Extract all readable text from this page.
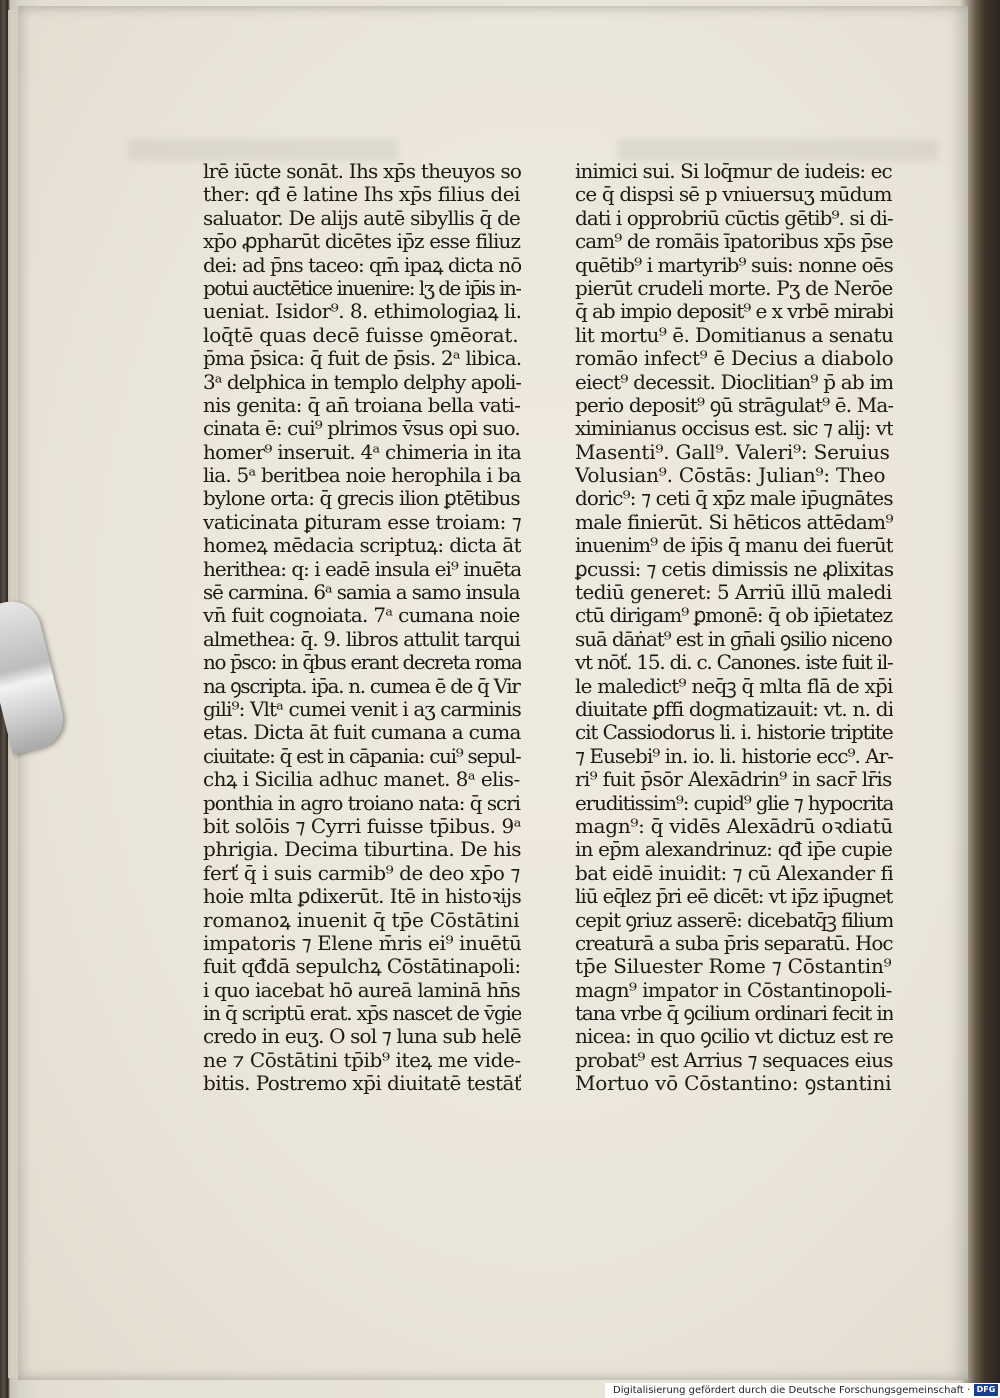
lrē iūcte sonāt. Ihs xp̄s theuyos so
ther: qđ ē latine Ihs xp̄s filius dei
saluator. De alijs autē sibyllis q̄ de
xp̄o ꝓpharūt dicētes ip̄z esse filiuz
dei: ad p̄ns taceo: qm̄ ipaꝝ dicta nō
potui auctētice inuenire: lʒ de ip̄is in-
ueniat. Isidor⁹. 8. ethimologiaꝝ li.
loq̄tē quas decē fuisse ꝯmēorat.
p̄ma p̄sica: q̄ fuit de p̄sis. 2ᵃ libica.
3ᵃ delphica in templo delphy apoli-
nis genita: q̄ an̄ troiana bella vati-
cinata ē: cui⁹ plrimos v̄sus opi suo.
homer⁹ inseruit. 4ᵃ chimeria in ita
lia. 5ᵃ beritbea noie herophila i ba
bylone orta: q̄ grecis ilion ꝑtētibus
vaticinata ꝑituram esse troiam: ⁊
homeꝝ mēdacia scriptuꝝ: dicta āt
herithea: q: i eadē insula ei⁹ inuēta
sē carmina. 6ᵃ samia a samo insula
vn̄ fuit cognoiata. 7ᵃ cumana noie
almethea: q̄. 9. libros attulit tarqui
no p̄sco: in q̄bus erant decreta roma
na ꝯscripta. ip̄a. n. cumea ē de q̄ Vir
gili⁹: Vltᵃ cumei venit i aʒ carminis
etas. Dicta āt fuit cumana a cuma
ciuitate: q̄ est in cāpania: cui⁹ sepul-
chꝝ i Sicilia adhuc manet. 8ᵃ elis-
ponthia in agro troiano nata: q̄ scri
bit solōis ⁊ Cyrri fuisse tp̄ibus. 9ᵃ
phrigia. Decima tiburtina. De his
ferť q̄ i suis carmib⁹ de deo xp̄o ⁊
hoie mlta ꝑdixerūt. Itē in histoꝛijs
romanoꝝ inuenit q̄ tp̄e Cōstātini
impatoris ⁊ Elene m̄ris ei⁹ inuētū
fuit qđdā sepulchꝝ Cōstātinapoli:
i quo iacebat hō aureā laminā hn̄s
in q̄ scriptū erat. xp̄s nascet de v̄gie
credo in euʒ. O sol ⁊ luna sub helē
ne ⁊ Cōstātini tp̄ib⁹ iteꝝ me vide-
bitis. Postremo xp̄i diuitatē testāť
inimici sui. Si loq̄mur de iudeis: ec
ce q̄ dispsi sē p vniuersuʒ mūdum
dati i opprobriū cūctis gētib⁹. si di-
cam⁹ de romāis īpatoribus xp̄s p̄se
quētib⁹ i martyrib⁹ suis: nonne oēs
pierūt crudeli morte. Pʒ de Nerōe
q̄ ab impio deposit⁹ e x vrbē mirabi
lit mortu⁹ ē. Domitianus a senatu
romāo infect⁹ ē Decius a diabolo
eiect⁹ decessit. Dioclitian⁹ p̄ ab im
perio deposit⁹ ꝯū strāgulat⁹ ē. Ma-
ximinianus occisus est. sic ⁊ alij: vt
Masenti⁹. Gall⁹. Valeri⁹: Seruius
Volusian⁹. Cōstās: Julian⁹: Theo
doric⁹: ⁊ ceti q̄ xp̄z male ip̄ugnātes
male finierūt. Si hēticos attēdam⁹
inuenim⁹ de ip̄is q̄ manu dei fuerūt
ꝑcussi: ⁊ cetis dimissis ne ꝓlixitas
tediū generet: 5 Arriū illū maledi
ctū dirigam⁹ ꝑmonē: q̄ ob ip̄ietatez
suā dāṅat⁹ est in gn̄ali ꝯsilio niceno
vt nōť. 15. di. c. Canones. iste fuit il-
le maledict⁹ neq̄ꝫ q̄ mlta flā de xp̄i
diuitate ꝑffi dogmatizauit: vt. n. di
cit Cassiodorus li. i. historie triptite
⁊ Eusebi⁹ in. io. li. historie ecc⁹. Ar-
ri⁹ fuit p̄sōr Alexādrin⁹ in sacr̄ lr̄is
eruditissim⁹: cupid⁹ glie ⁊ hypocrita
magn⁹: q̄ vidēs Alexādrū oꝛdiatū
in ep̄m alexandrinuz: qđ ip̄e cupie
bat eidē inuidit: ⁊ cū Alexander fi
liū eq̄lez p̄ri eē dicēt: vt ip̄z ip̄ugnet
cepit ꝯriuz asserē: dicebatq̄ꝫ filium
creaturā a sub̄a p̄ris separatū. Hoc
tp̄e Siluester Rome ⁊ Cōstantin⁹
magn⁹ impator in Cōstantinopoli-
tana vrbe q̄ ꝯcilium ordinari fecit in
nicea: in quo ꝯcilio vt dictuz est re
probat⁹ est Arrius ⁊ sequaces eius
Mortuo vō Cōstantino: ꝯstantini
Digitalisierung gefördert durch die Deutsche Forschungsgemeinschaft · DFG
